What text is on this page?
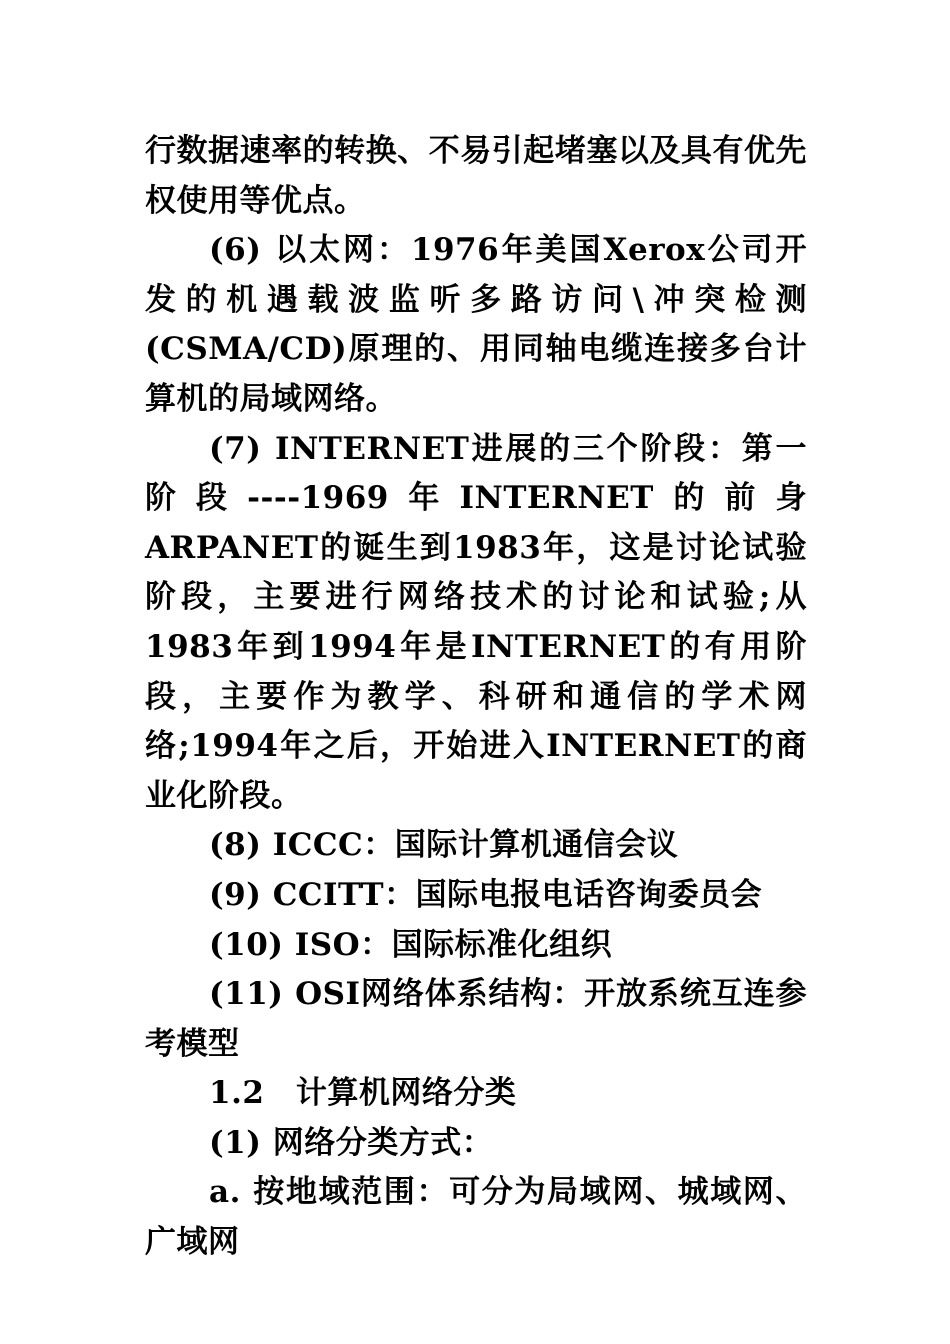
行数据速率的转换、不易引起堵塞以及具有优先权使用等优点。

(6) 以太网：1976年美国Xerox公司开发的机遇载波监听多路访问\冲突检测(CSMA/CD)原理的、用同轴电缆连接多台计算机的局域网络。

(7) INTERNET进展的三个阶段：第一阶段----1969年INTERNET的前身ARPANET的诞生到1983年，这是讨论试验阶段，主要进行网络技术的讨论和试验;从1983年到1994年是INTERNET的有用阶段，主要作为教学、科研和通信的学术网络;1994年之后，开始进入INTERNET的商业化阶段。

(8) ICCC：国际计算机通信会议

(9) CCITT：国际电报电话咨询委员会

(10) ISO：国际标准化组织

(11) OSI网络体系结构：开放系统互连参考模型

1.2　计算机网络分类

(1) 网络分类方式：

a. 按地域范围：可分为局域网、城域网、广域网
